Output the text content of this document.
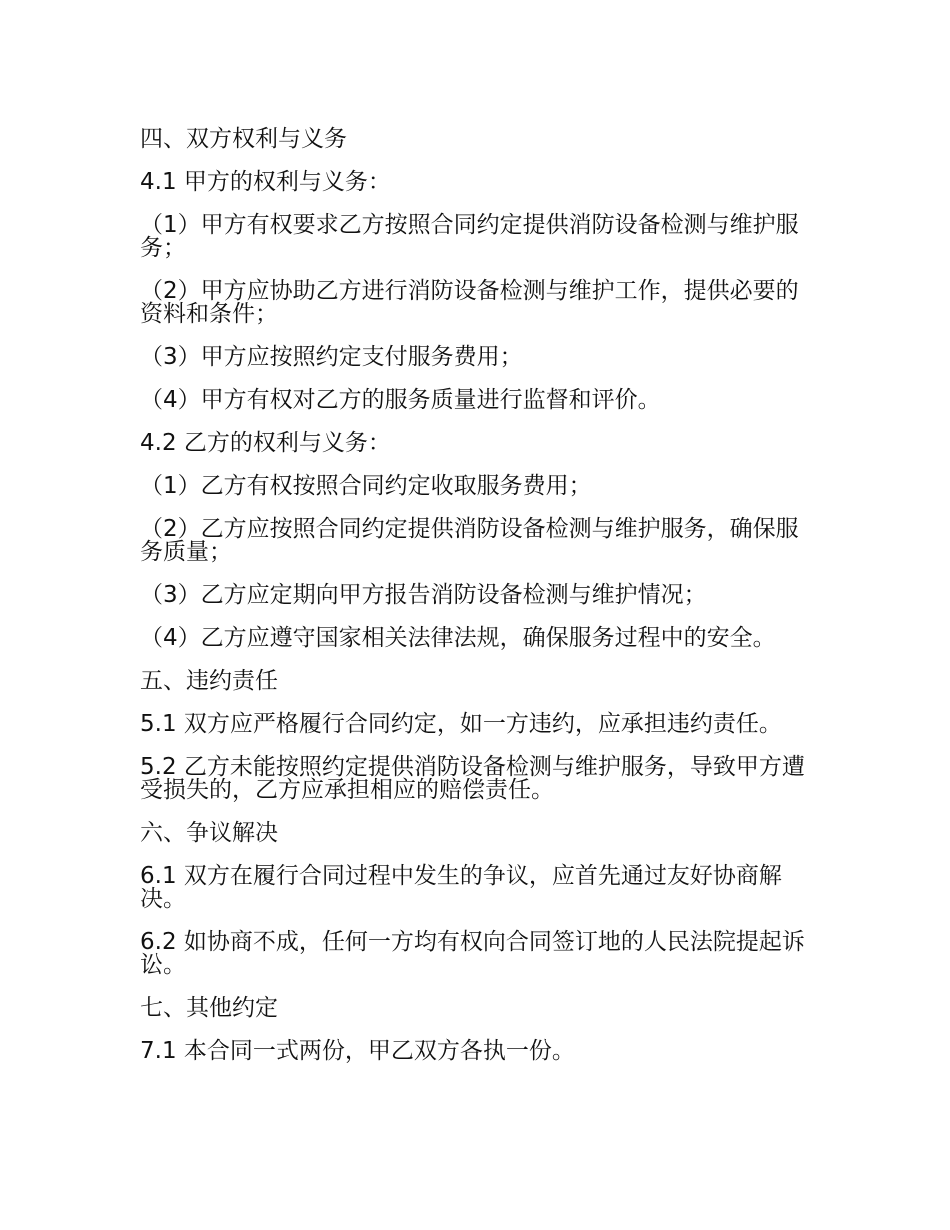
四、双方权利与义务

4.1 甲方的权利与义务：

（1）甲方有权要求乙方按照合同约定提供消防设备检测与维护服务；

（2）甲方应协助乙方进行消防设备检测与维护工作，提供必要的资料和条件；

（3）甲方应按照约定支付服务费用；

（4）甲方有权对乙方的服务质量进行监督和评价。

4.2 乙方的权利与义务：

（1）乙方有权按照合同约定收取服务费用；

（2）乙方应按照合同约定提供消防设备检测与维护服务，确保服务质量；

（3）乙方应定期向甲方报告消防设备检测与维护情况；

（4）乙方应遵守国家相关法律法规，确保服务过程中的安全。

五、违约责任

5.1 双方应严格履行合同约定，如一方违约，应承担违约责任。

5.2 乙方未能按照约定提供消防设备检测与维护服务，导致甲方遭受损失的，乙方应承担相应的赔偿责任。

六、争议解决

6.1 双方在履行合同过程中发生的争议，应首先通过友好协商解决。

6.2 如协商不成，任何一方均有权向合同签订地的人民法院提起诉讼。

七、其他约定

7.1 本合同一式两份，甲乙双方各执一份。
